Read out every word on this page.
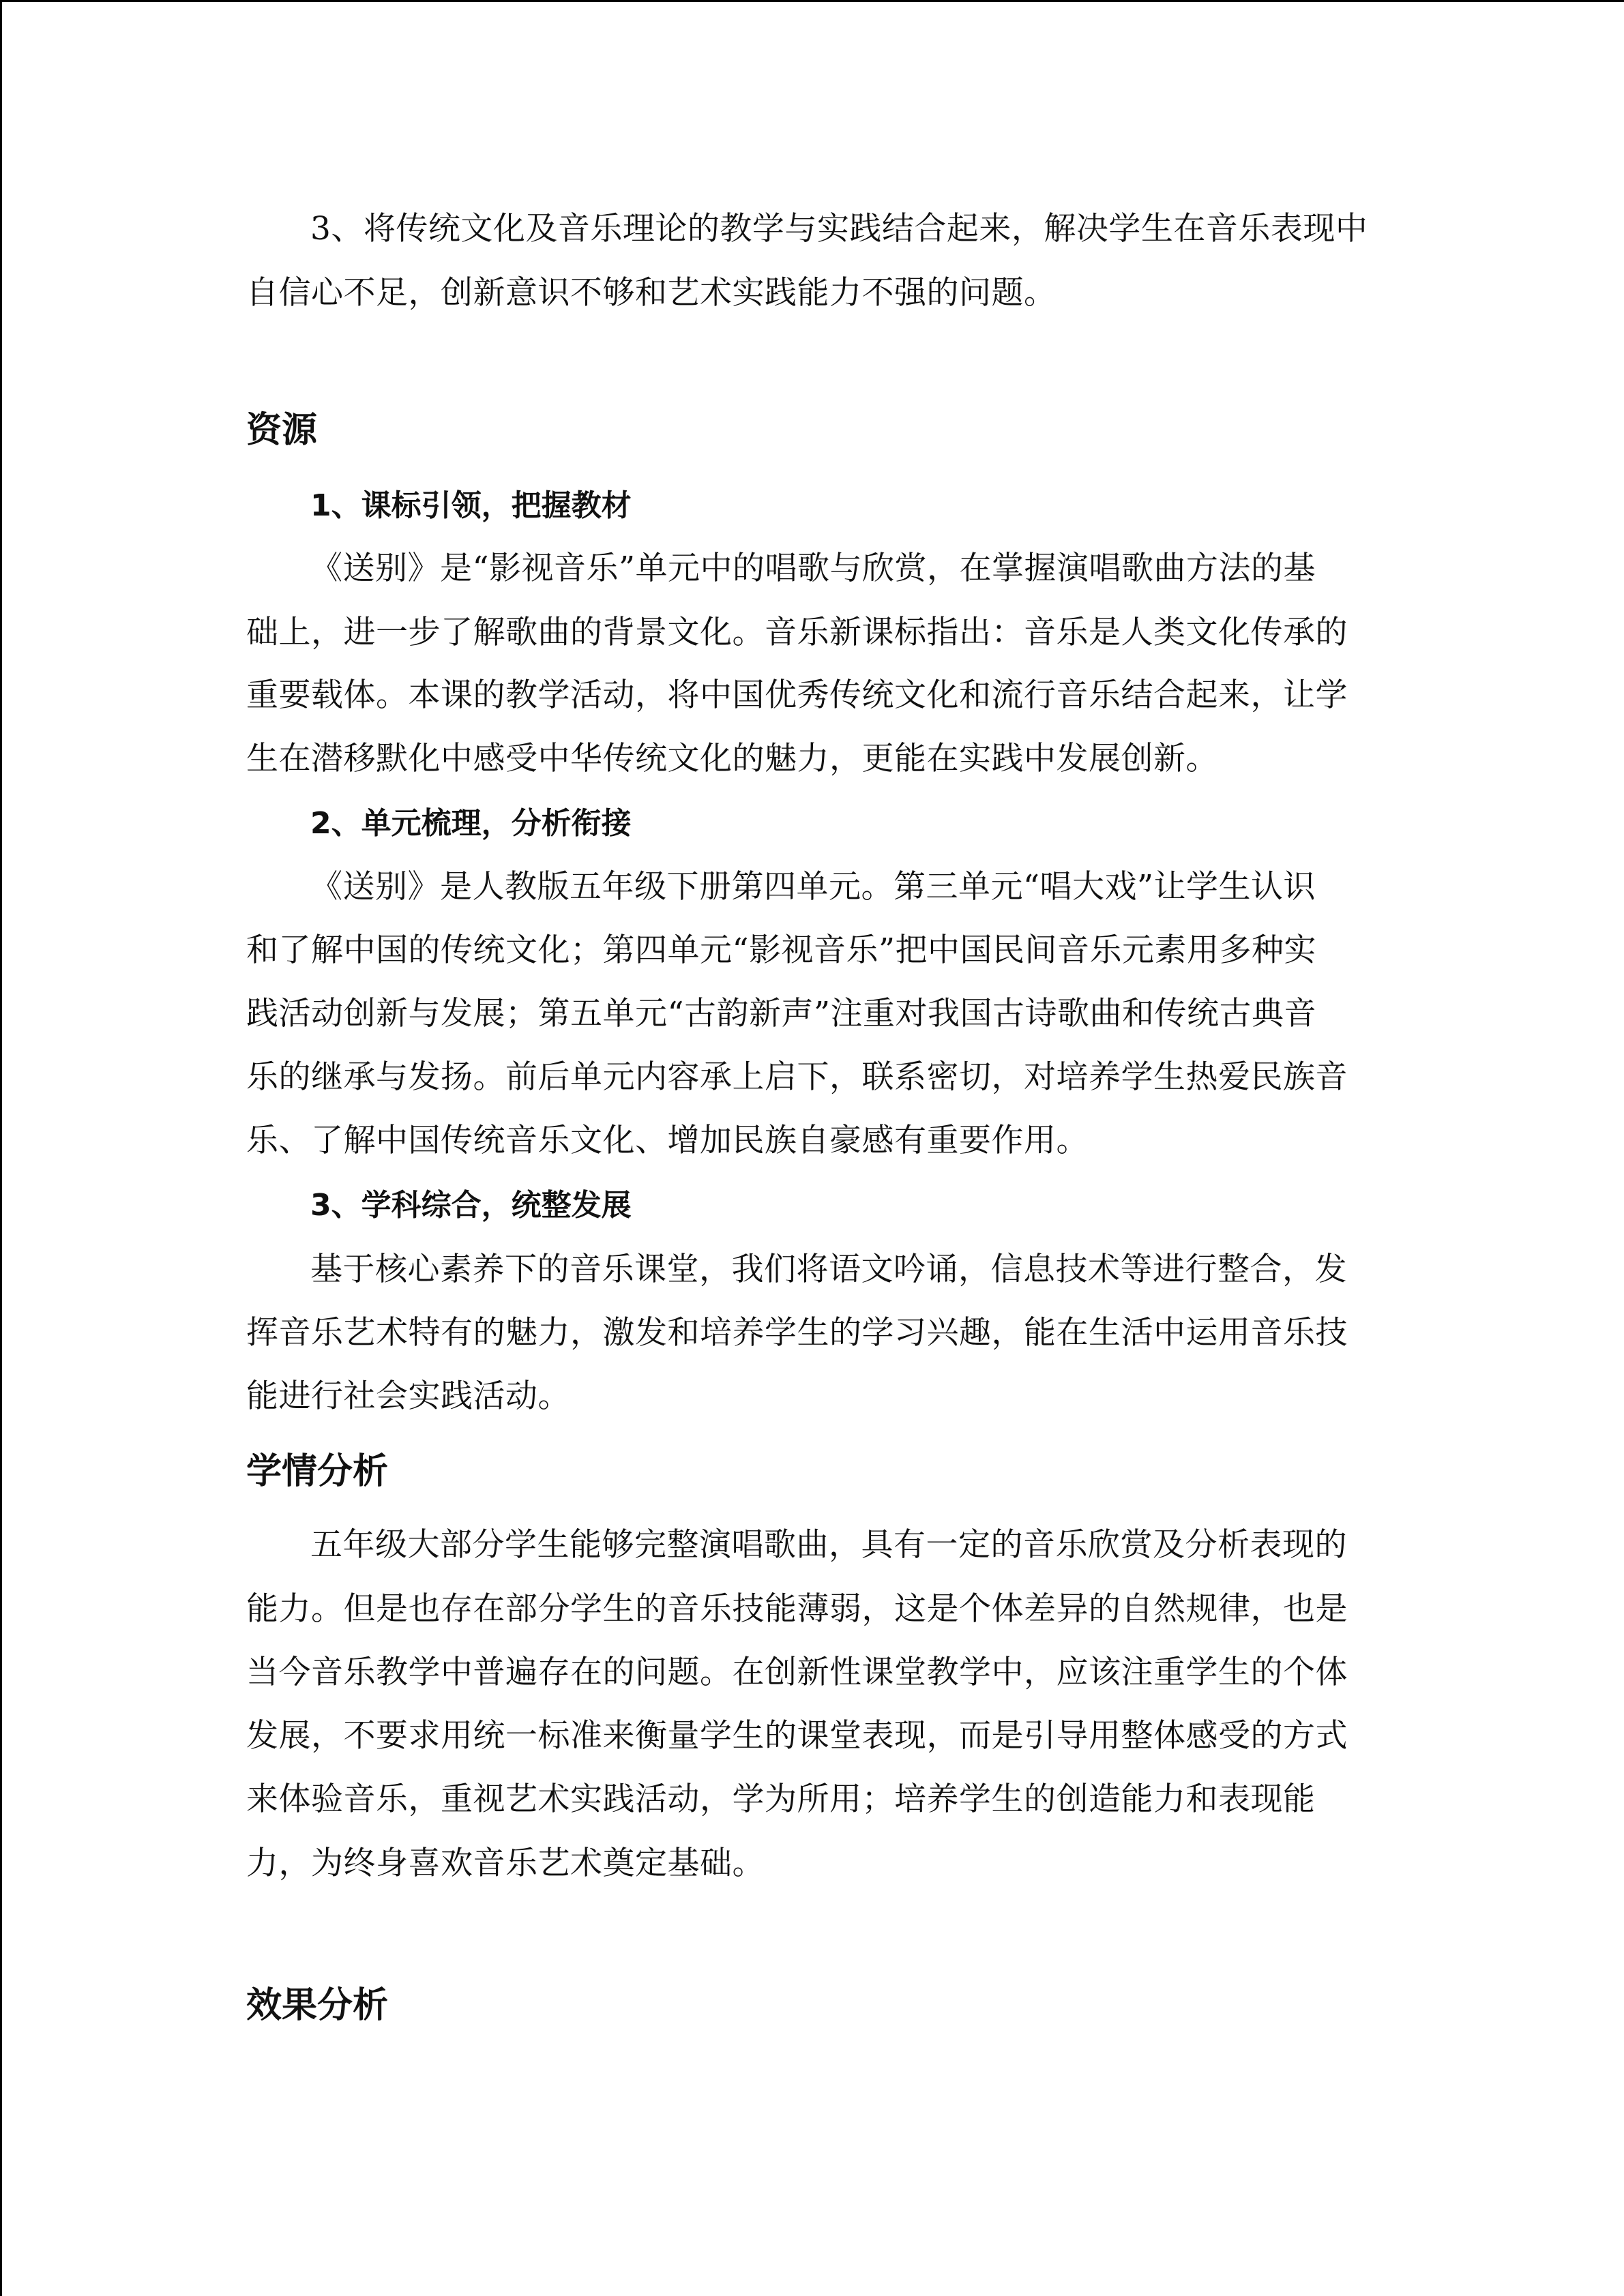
3、将传统文化及音乐理论的教学与实践结合起来，解决学生在音乐表现中
自信心不足，创新意识不够和艺术实践能力不强的问题。
资源
1、课标引领，把握教材
《送别》是“影视音乐”单元中的唱歌与欣赏，在掌握演唱歌曲方法的基
础上，进一步了解歌曲的背景文化。音乐新课标指出：音乐是人类文化传承的
重要载体。本课的教学活动，将中国优秀传统文化和流行音乐结合起来，让学
生在潜移默化中感受中华传统文化的魅力，更能在实践中发展创新。
2、单元梳理，分析衔接
《送别》是人教版五年级下册第四单元。第三单元“唱大戏”让学生认识
和了解中国的传统文化；第四单元“影视音乐”把中国民间音乐元素用多种实
践活动创新与发展；第五单元“古韵新声”注重对我国古诗歌曲和传统古典音
乐的继承与发扬。前后单元内容承上启下，联系密切，对培养学生热爱民族音
乐、了解中国传统音乐文化、增加民族自豪感有重要作用。
3、学科综合，统整发展
基于核心素养下的音乐课堂，我们将语文吟诵，信息技术等进行整合，发
挥音乐艺术特有的魅力，激发和培养学生的学习兴趣，能在生活中运用音乐技
能进行社会实践活动。
学情分析
五年级大部分学生能够完整演唱歌曲，具有一定的音乐欣赏及分析表现的
能力。但是也存在部分学生的音乐技能薄弱，这是个体差异的自然规律，也是
当今音乐教学中普遍存在的问题。在创新性课堂教学中，应该注重学生的个体
发展，不要求用统一标准来衡量学生的课堂表现，而是引导用整体感受的方式
来体验音乐，重视艺术实践活动，学为所用；培养学生的创造能力和表现能
力，为终身喜欢音乐艺术奠定基础。
效果分析
